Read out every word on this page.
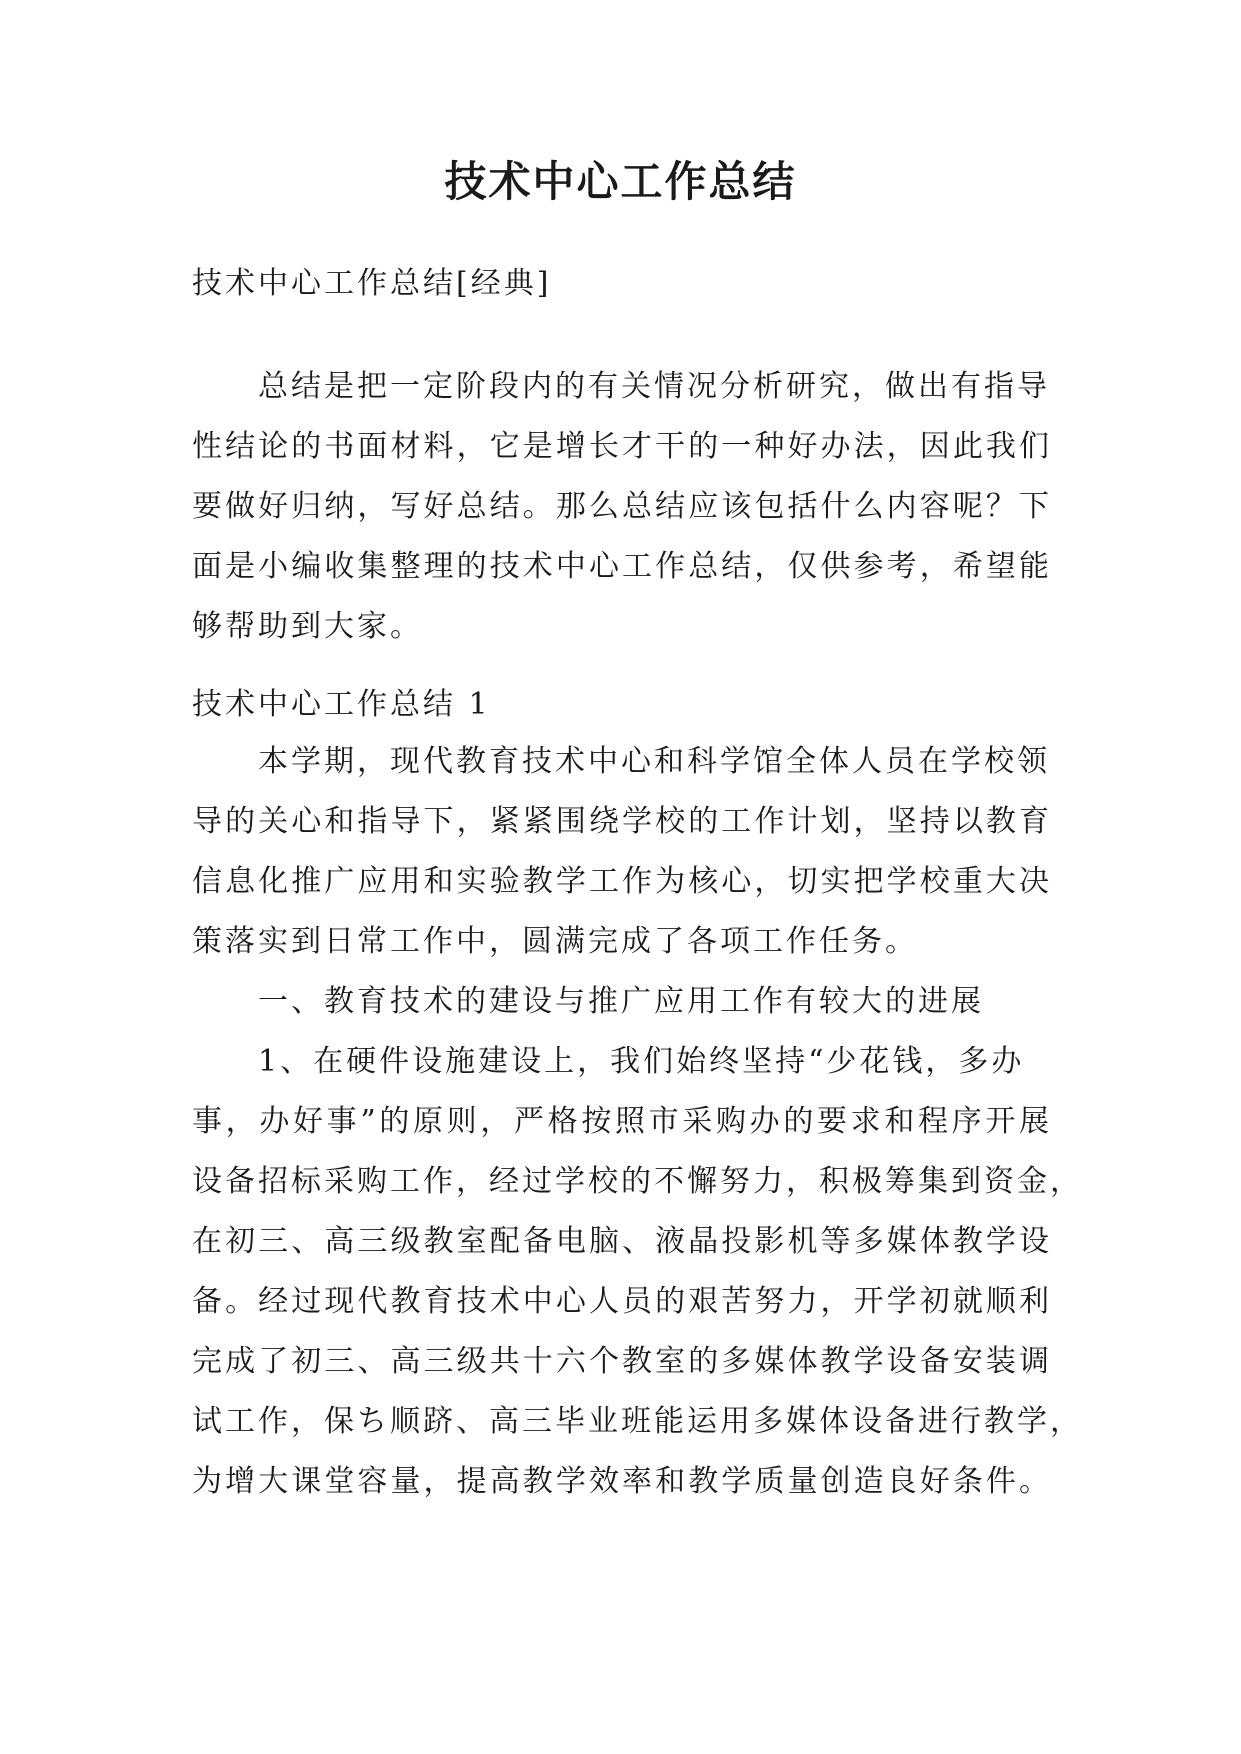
技术中心工作总结
技术中心工作总结[经典]
总结是把一定阶段内的有关情况分析研究，做出有指导
性结论的书面材料，它是增长才干的一种好办法，因此我们
要做好归纳，写好总结。那么总结应该包括什么内容呢？下
面是小编收集整理的技术中心工作总结，仅供参考，希望能
够帮助到大家。
技术中心工作总结 1
本学期，现代教育技术中心和科学馆全体人员在学校领
导的关心和指导下，紧紧围绕学校的工作计划，坚持以教育
信息化推广应用和实验教学工作为核心，切实把学校重大决
策落实到日常工作中，圆满完成了各项工作任务。
一、教育技术的建设与推广应用工作有较大的进展
1、在硬件设施建设上，我们始终坚持“少花钱，多办
事，办好事”的原则，严格按照市采购办的要求和程序开展
设备招标采购工作，经过学校的不懈努力，积极筹集到资金，
在初三、高三级教室配备电脑、液晶投影机等多媒体教学设
备。经过现代教育技术中心人员的艰苦努力，开学初就顺利
完成了初三、高三级共十六个教室的多媒体教学设备安装调
试工作，保ち顺跻、高三毕业班能运用多媒体设备进行教学，
为增大课堂容量，提高教学效率和教学质量创造良好条件。
